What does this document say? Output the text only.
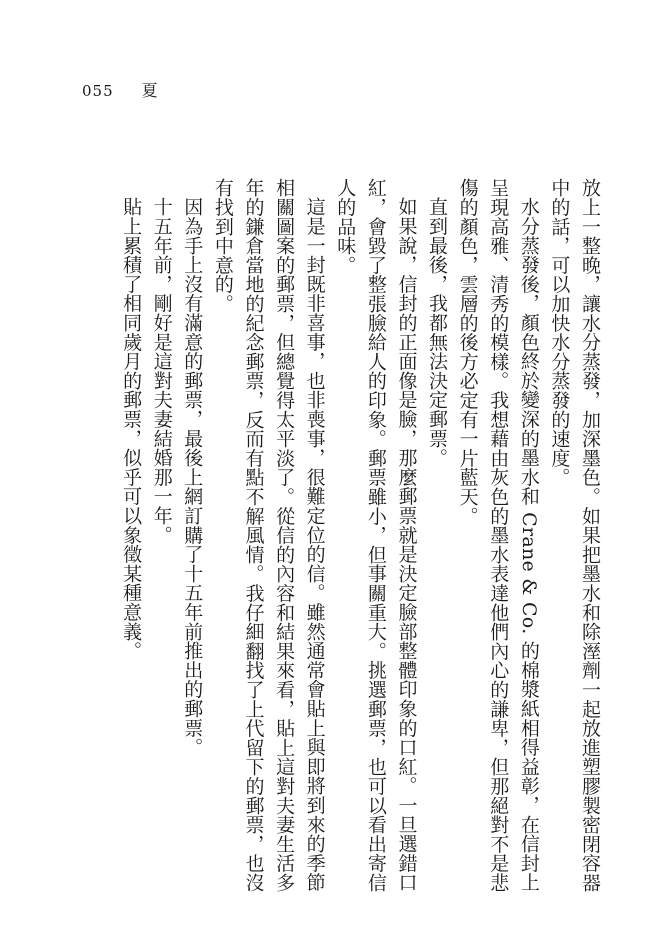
055 夏

放上一整晚，讓水分蒸發，加深墨色。如果把墨水和除溼劑一起放進塑膠製密閉容器中的話，可以加快水分蒸發的速度。

水分蒸發後，顏色終於變深的墨水和 Crane & Co. 的棉漿紙相得益彰，在信封上呈現高雅、清秀的模樣。我想藉由灰色的墨水表達他們內心的謙卑，但那絕對不是悲傷的顏色，雲層的後方必定有一片藍天。

直到最後，我都無法決定郵票。

如果說，信封的正面像是臉，那麼郵票就是決定臉部整體印象的口紅。一旦選錯口紅，會毀了整張臉給人的印象。郵票雖小，但事關重大。挑選郵票，也可以看出寄信人的品味。

這是一封既非喜事，也非喪事，很難定位的信。雖然通常會貼上與即將到來的季節相關圖案的郵票，但總覺得太平淡了。從信的內容和結果來看，貼上這對夫妻生活多年的鎌倉當地的紀念郵票，反而有點不解風情。我仔細翻找了上代留下的郵票，也沒有找到中意的。

因為手上沒有滿意的郵票，最後上網訂購了十五年前推出的郵票。

十五年前，剛好是這對夫妻結婚那一年。

貼上累積了相同歲月的郵票，似乎可以象徵某種意義。
